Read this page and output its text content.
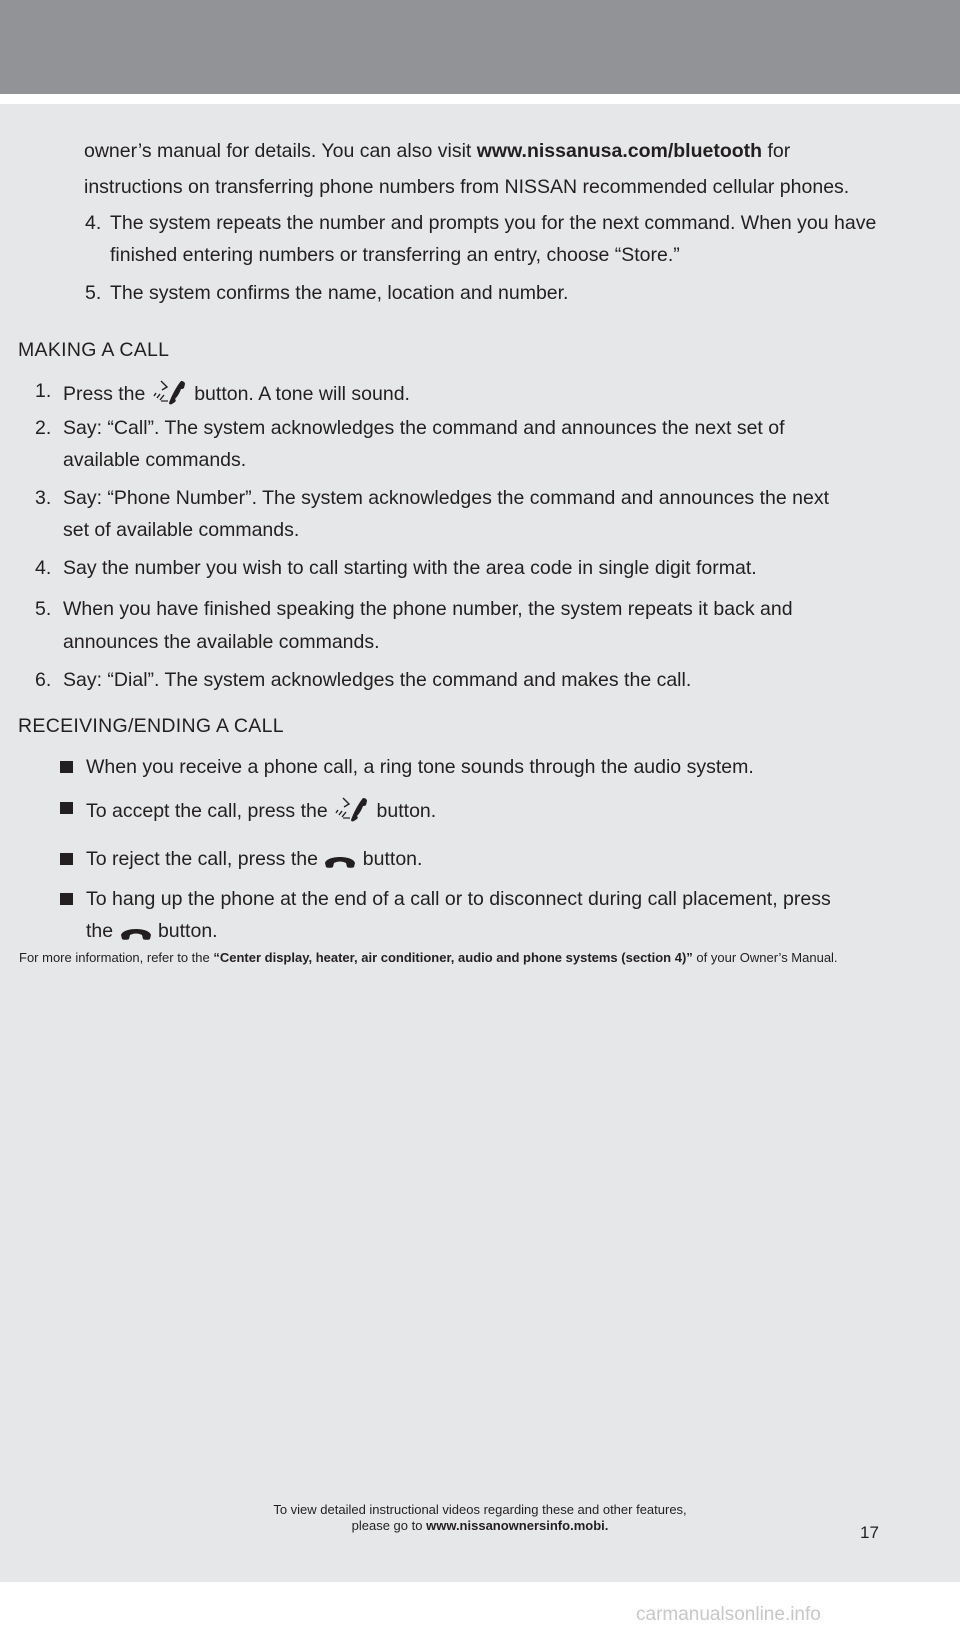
owner’s manual for details. You can also visit www.nissanusa.com/bluetooth for
instructions on transferring phone numbers from NISSAN recommended cellular phones.
4. The system repeats the number and prompts you for the next command. When you have
finished entering numbers or transferring an entry, choose “Store.”
5. The system confirms the name, location and number.
MAKING A CALL
1. Press the  button. A tone will sound.
2. Say: “Call”. The system acknowledges the command and announces the next set of
available commands.
3. Say: “Phone Number”. The system acknowledges the command and announces the next
set of available commands.
4. Say the number you wish to call starting with the area code in single digit format.
5. When you have finished speaking the phone number, the system repeats it back and
announces the available commands.
6. Say: “Dial”. The system acknowledges the command and makes the call.
RECEIVING/ENDING A CALL
When you receive a phone call, a ring tone sounds through the audio system.
To accept the call, press the  button.
To reject the call, press the  button.
To hang up the phone at the end of a call or to disconnect during call placement, press
the  button.
For more information, refer to the “Center display, heater, air conditioner, audio and phone systems (section 4)” of your Owner’s Manual.
To view detailed instructional videos regarding these and other features,
please go to www.nissanownersinfo.mobi.	17
carmanualsonline.info
